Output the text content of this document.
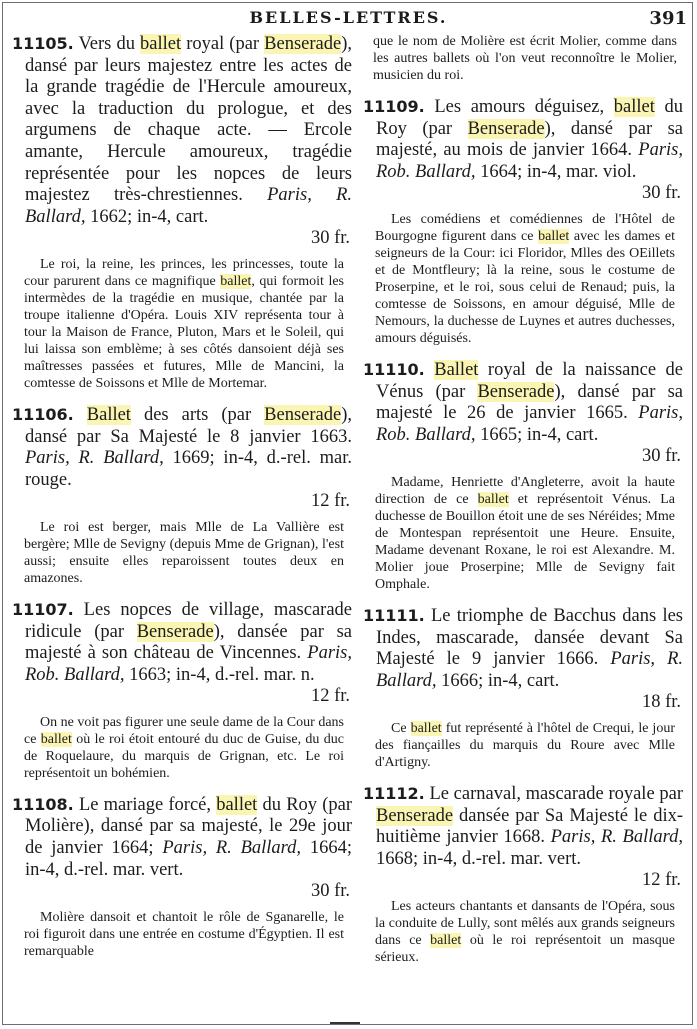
BELLES-LETTRES.	391

11105. Vers du ballet royal (par Benserade), dansé par leurs majestez entre les actes de la grande tragédie de l'Hercule amoureux, avec la traduction du prologue, et des argumens de chaque acte. — Ercole amante, Hercule amoureux, tragédie représentée pour les nopces de leurs majestez très-chrestiennes. Paris, R. Ballard, 1662; in-4, cart.
30 fr.

Le roi, la reine, les princes, les princesses, toute la cour parurent dans ce magnifique ballet, qui formoit les intermèdes de la tragédie en musique, chantée par la troupe italienne d'Opéra. Louis XIV représenta tour à tour la Maison de France, Pluton, Mars et le Soleil, qui lui laissa son emblème; à ses côtés dansoient déjà ses maîtresses passées et futures, Mlle de Mancini, la comtesse de Soissons et Mlle de Mortemar.

11106. Ballet des arts (par Benserade), dansé par Sa Majesté le 8 janvier 1663. Paris, R. Ballard, 1669; in-4, d.-rel. mar. rouge.
12 fr.

Le roi est berger, mais Mlle de La Vallière est bergère; Mlle de Sevigny (depuis Mme de Grignan), l'est aussi; ensuite elles reparoissent toutes deux en amazones.

11107. Les nopces de village, mascarade ridicule (par Benserade), dansée par sa majesté à son château de Vincennes. Paris, Rob. Ballard, 1663; in-4, d.-rel. mar. n.
12 fr.

On ne voit pas figurer une seule dame de la Cour dans ce ballet où le roi étoit entouré du duc de Guise, du duc de Roquelaure, du marquis de Grignan, etc. Le roi représentoit un bohémien.

11108. Le mariage forcé, ballet du Roy (par Molière), dansé par sa majesté, le 29e jour de janvier 1664; Paris, R. Ballard, 1664; in-4, d.-rel. mar. vert.
30 fr.

Molière dansoit et chantoit le rôle de Sganarelle, le roi figuroit dans une entrée en costume d'Égyptien. Il est remarquable

que le nom de Molière est écrit Molier, comme dans les autres ballets où l'on veut reconnoître le Molier, musicien du roi.

11109. Les amours déguisez, ballet du Roy (par Benserade), dansé par sa majesté, au mois de janvier 1664. Paris, Rob. Ballard, 1664; in-4, mar. viol.
30 fr.

Les comédiens et comédiennes de l'Hôtel de Bourgogne figurent dans ce ballet avec les dames et seigneurs de la Cour: ici Floridor, Mlles des OEillets et de Montfleury; là la reine, sous le costume de Proserpine, et le roi, sous celui de Renaud; puis, la comtesse de Soissons, en amour déguisé, Mlle de Nemours, la duchesse de Luynes et autres duchesses, amours déguisés.

11110. Ballet royal de la naissance de Vénus (par Benserade), dansé par sa majesté le 26 de janvier 1665. Paris, Rob. Ballard, 1665; in-4, cart.
30 fr.

Madame, Henriette d'Angleterre, avoit la haute direction de ce ballet et représentoit Vénus. La duchesse de Bouillon étoit une de ses Néréides; Mme de Montespan représentoit une Heure. Ensuite, Madame devenant Roxane, le roi est Alexandre. M. Molier joue Proserpine; Mlle de Sevigny fait Omphale.

11111. Le triomphe de Bacchus dans les Indes, mascarade, dansée devant Sa Majesté le 9 janvier 1666. Paris, R. Ballard, 1666; in-4, cart.
18 fr.

Ce ballet fut représenté à l'hôtel de Crequi, le jour des fiançailles du marquis du Roure avec Mlle d'Artigny.

11112. Le carnaval, mascarade royale par Benserade dansée par Sa Majesté le dix-huitième janvier 1668. Paris, R. Ballard, 1668; in-4, d.-rel. mar. vert.
12 fr.

Les acteurs chantants et dansants de l'Opéra, sous la conduite de Lully, sont mêlés aux grands seigneurs dans ce ballet où le roi représentoit un masque sérieux.
